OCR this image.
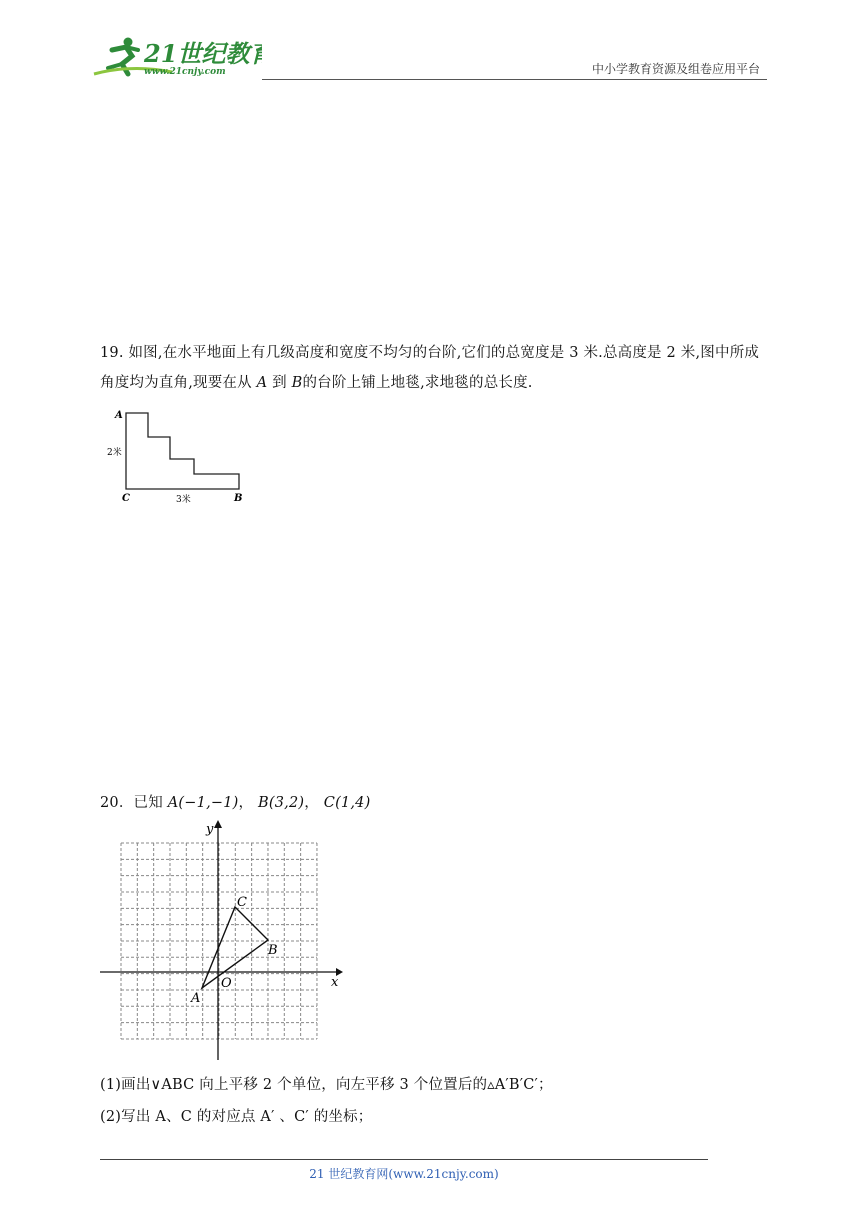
21世纪教育
www.21cnjy.com	中小学教育资源及组卷应用平台
19. 如图,在水平地面上有几级高度和宽度不均匀的台阶,它们的总宽度是 3 米.总高度是 2 米,图中所成
角度均为直角,现要在从 A 到 B的台阶上铺上地毯,求地毯的总长度.
A
2米
C	3米	B
20．已知 A(−1,−1)， B(3,2)， C(1,4)
x
y
O
A
B
C
(1)画出∨ABC 向上平移 2 个单位，向左平移 3 个位置后的▵A′B′C′；
(2)写出 A、C 的对应点 A′ 、C′ 的坐标；
21 世纪教育网(www.21cnjy.com)
